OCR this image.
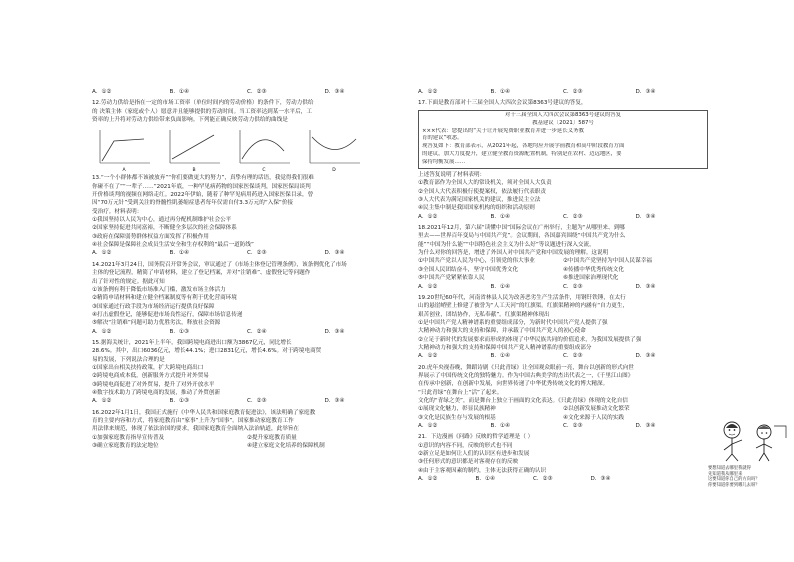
A．①②	B．①④	C．②③	D．③④
12.劳动力供给是指在一定的市场工资率（单位时间内的劳动价格）的条件下，劳动力供给
的 决策主体（家庭或个人）愿意并且能够提供的劳动时间。当工资率达到某一水平后，工
资率的上升将对劳动力供给带来负面影响。下列能正确反映劳动力供给的曲线是
A	B	C	D
13.“一个小群体都不该被放弃”“你们要做更大的努力”，真挚有理的话语，我觉得我们很难
你碰不在了”“一辈子……”2021年底，一种罕见病药物的国家医保谈判，国家医保局谈判
开价格谈判的视频在网络走红。2022年伊始，随着了种罕见病用药进入国家医保目录，曾
因“70万元针”受到关注的脊髓性肌萎缩症患者每年仅需自付3.3万元的“入保”价接
受治疗。材料表明：
①我国坚持以人民为中心，通过再分配机制维护社会公平
②国家坚持促进共同富裕，不断健全多层次的社会保障体系
③政府在保障弱势群体权益方面发挥了积极作用
④社会保障是保障社会成员生活安全和生存权利的“最后一道防线”
A．①②	B．①④	C．②③	D．③④
14.2021年3月24日，国务院召开常务会议，审议通过了《市场主体登记管理条例》，该条例优化了市场
主体的登记流程，精简了申请材料，建立了登记档案，并对“注销难”、虚假登记等问题作
出了针对性的规定。据此可知
①该条例有利于降低市场准入门槛，激发市场主体活力
②精简申请材料和建立健全档案制度等有利于优化营商环境
③国家通过行政手段为市场经济运行提供良好保障
④打击虚假登记，能够促进市场良性运行，保障市场信息传递
⑤解决“注销难”问题可助力优胜劣汰，释放社会资源
A．①②	B．①③	C．②④	D．③④
15.据海关统计，2021年上半年，我国跨境电商进出口额为3867亿元，同比增长
28.6%。其中，出口6036亿元，增长44.1%；进口2831亿元，增长4.6%。对于跨境电商贸
易的发展，下列说法合理的是
①国家出台相关扶持政策，扩大跨境电商出口
②跨境电商成本低，创新服务方式提升对外贸易
③跨境电商促进了对外贸易，提升了对外开放水平
④数字技术助力了跨境电商的发展，推动了外贸创新
A．①②	B．①③	C．②③	D．③④
16.2022年1月1日，我国正式施行《中华人民共和国家庭教育促进法》，该法明确了家庭教
育的主要内容和方式，将家庭教育由“家事”上升为“国事”。国家推动家庭教育工作
用法律来规范，体现了依法治国的要求，我国家庭教育全面纳入法治轨道，此举旨在
①加强家庭教育指导宣传普及	②提升家庭教育质量
③确立家庭教育的法定地位	④建立家庭文化培养的保障机制
A．①②	B．①④	C．②③	D．③④
17.下面是教育部对十三届全国人大四次会议第8363号建议的答复，
对十三届全国人大四次会议第8363号建议的答复
教基建议〔2021〕587号
×××代表：您提出的“关于让开展免费职业教育并进一步延长义务教
育的建议”收悉。
现答复如下：教育部表示，从2021年起，各地均应开展学前教育和高中阶段教育方面
的建议，加大力度提升，建立健全教育资源配置机制，特别是在农村、边远地区，要
保持均衡发展……
上述答复说明了材料表明：
①教育部作为全国人大的常设机关，须对全国人大负责
②全国人大代表积极行使提案权，依法履行代表职责
③人大代表为满足国家机关的建议，推进民主立法
④民主集中制是我国国家机构的组织和活动原则
A．①②	B．①④	C．②③	D．③④
18.2021年12月，第六届“读懂中国”国际会议在广州举行，主题为“从哪里来、到哪
里去——世界百年变局与中国共产党”。会议期间，各国嘉宾围绕“中国共产党为什么
能”“中国为什么能”“中国特色社会主义为什么好”等议题进行深入交流，
为什么对你的回答是，增进了外国人对中国共产党和中国发展的理解。这说明
①中国共产党以人民为中心，引领党的伟大事业	②中国共产党坚持为中国人民谋幸福
③全国人民团结奋斗，坚守中国优秀文化	④传播中华优秀传统文化
⑤中国共产党紧紧依靠人民	⑥推进国家治理现代化
A．①②	B．①④	C．②③	D．③④
19.20世纪60年代，河南省林县人民为改善恶劣生产生活条件，用钢钎铁锤，在太行
山的悬崖峭壁上修建了被誉为“人工天河”的红旗渠。红旗渠精神的内涵有“自力更生，
艰苦创业，团结协作，无私奉献”。红旗渠精神体现出
①是中国共产党人精神谱系的重要组成部分，为新时代中国共产党人提供了强
大精神动力和强大的支持和保障，并承载了中国共产党人的初心使命
②立足于新时代的发展要求而形成的体现了中华民族共同的价值追求，为我国发展提供了强
大精神动力和强大的支持和保障中国共产党人精神谱系的重要组成部分
A．①②	B．①④	C．②③	D．③④
20.虎年央视春晚，舞蹈诗剧《只此青绿》让全国观众眼前一亮，舞台以创新的形式向世
界展示了中国传统文化的独特魅力。作为中国古典美学的杰出代表之一，《千里江山图》
在传承中创新，在创新中发展，向世界传递了中华优秀传统文化的博大精深。
“只此青绿”在舞台上“活”了起来。
文化的“青绿之美”，而是舞台上独立于画面的文化表达。《只此青绿》体现的文化自信
①展现文化魅力，彰显民族精神	②以创新发展推动文化繁荣
③文化是民族生存与发展的根基	④文化来源于人民的实践
A．①②	B．①④	C．②③	D．③④
21．下边漫画《问路》反映的哲学道理是（ ）
①意识的内容不同，反映的形式也不同
②新立足是如何让人们的认识区有进步和发展
③任何形式的意识都是对客观存在的反映
④由于主客观因素的制约，主体无法获得正确的认识
A．①②	B．①④	C．②③	D．③④
要想知道去哪里我就得
先知道我从哪里来
这要知道你自己的方向吗？
你要知道你要到哪儿去呀？
